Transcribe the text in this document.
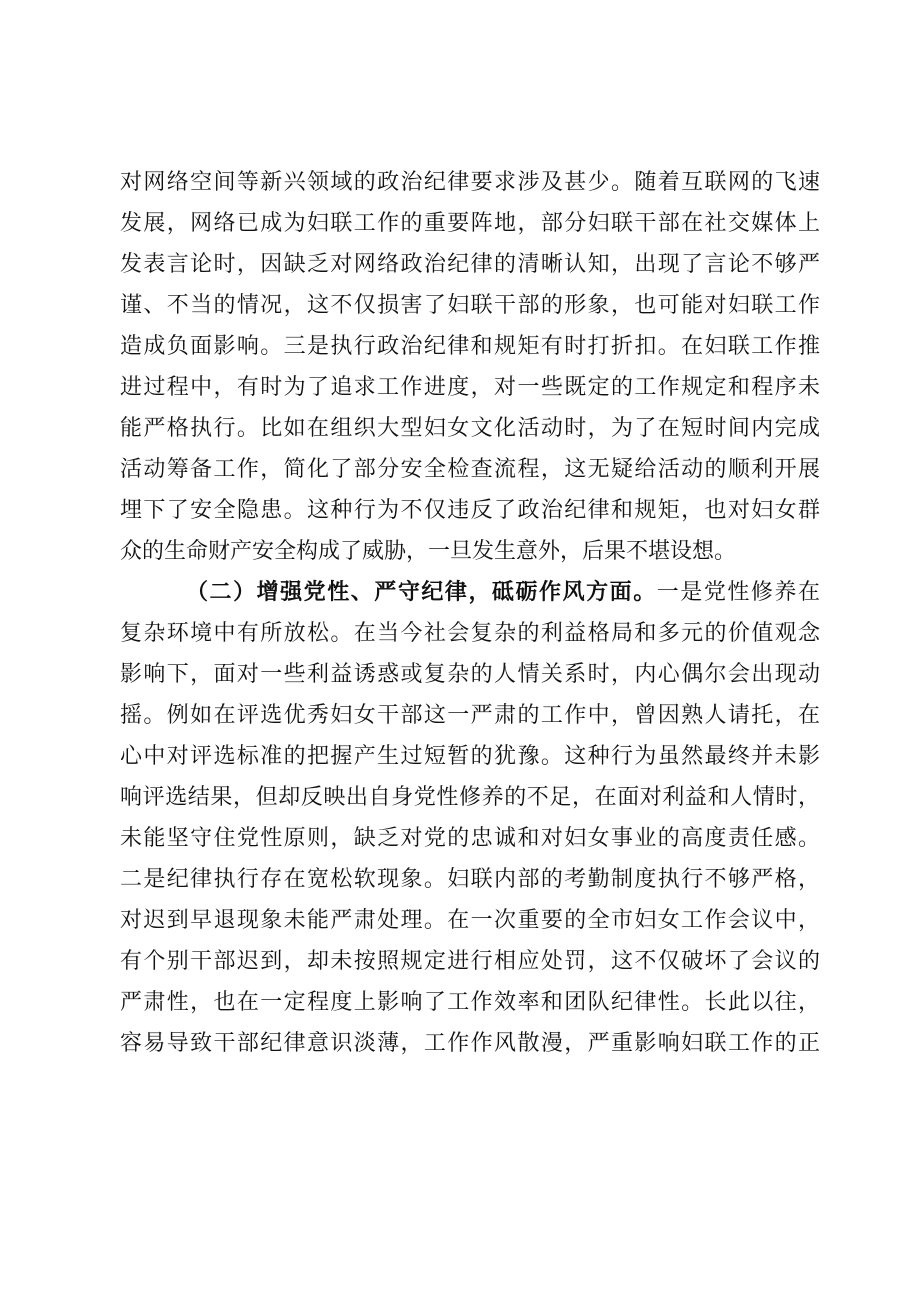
对网络空间等新兴领域的政治纪律要求涉及甚少。随着互联网的飞速
发展，网络已成为妇联工作的重要阵地，部分妇联干部在社交媒体上
发表言论时，因缺乏对网络政治纪律的清晰认知，出现了言论不够严
谨、不当的情况，这不仅损害了妇联干部的形象，也可能对妇联工作
造成负面影响。三是执行政治纪律和规矩有时打折扣。在妇联工作推
进过程中，有时为了追求工作进度，对一些既定的工作规定和程序未
能严格执行。比如在组织大型妇女文化活动时，为了在短时间内完成
活动筹备工作，简化了部分安全检查流程，这无疑给活动的顺利开展
埋下了安全隐患。这种行为不仅违反了政治纪律和规矩，也对妇女群
众的生命财产安全构成了威胁，一旦发生意外，后果不堪设想。
（二）增强党性、严守纪律，砥砺作风方面。一是党性修养在
复杂环境中有所放松。在当今社会复杂的利益格局和多元的价值观念
影响下，面对一些利益诱惑或复杂的人情关系时，内心偶尔会出现动
摇。例如在评选优秀妇女干部这一严肃的工作中，曾因熟人请托，在
心中对评选标准的把握产生过短暂的犹豫。这种行为虽然最终并未影
响评选结果，但却反映出自身党性修养的不足，在面对利益和人情时，
未能坚守住党性原则，缺乏对党的忠诚和对妇女事业的高度责任感。
二是纪律执行存在宽松软现象。妇联内部的考勤制度执行不够严格，
对迟到早退现象未能严肃处理。在一次重要的全市妇女工作会议中，
有个别干部迟到，却未按照规定进行相应处罚，这不仅破坏了会议的
严肃性，也在一定程度上影响了工作效率和团队纪律性。长此以往，
容易导致干部纪律意识淡薄，工作作风散漫，严重影响妇联工作的正
